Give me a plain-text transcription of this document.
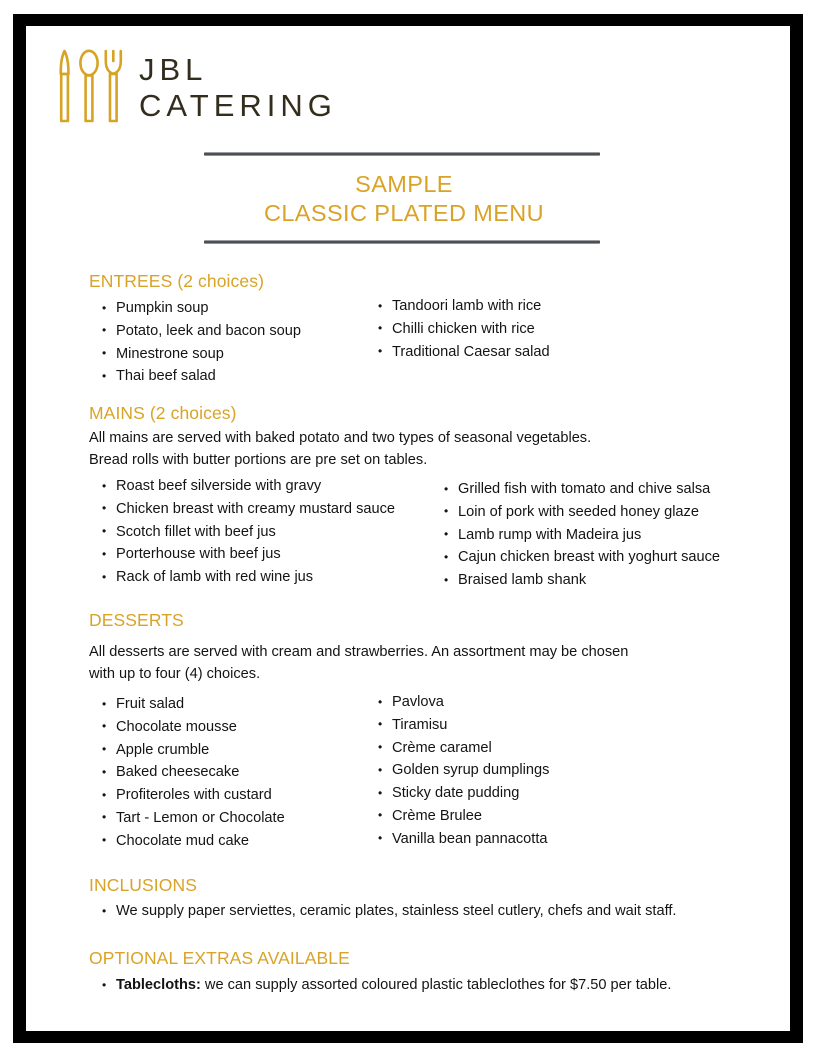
JBL
CATERING
SAMPLE
CLASSIC PLATED MENU
ENTREES (2 choices)
• Pumpkin soup
• Potato, leek and bacon soup
• Minestrone soup
• Thai beef salad
• Tandoori lamb with rice
• Chilli chicken with rice
• Traditional Caesar salad
MAINS (2 choices)
All mains are served with baked potato and two types of seasonal vegetables.
Bread rolls with butter portions are pre set on tables.
• Roast beef silverside with gravy
• Chicken breast with creamy mustard sauce
• Scotch fillet with beef jus
• Porterhouse with beef jus
• Rack of lamb with red wine jus
• Grilled fish with tomato and chive salsa
• Loin of pork with seeded honey glaze
• Lamb rump with Madeira jus
• Cajun chicken breast with yoghurt sauce
• Braised lamb shank
DESSERTS
All desserts are served with cream and strawberries. An assortment may be chosen
with up to four (4) choices.
• Fruit salad
• Chocolate mousse
• Apple crumble
• Baked cheesecake
• Profiteroles with custard
• Tart - Lemon or Chocolate
• Chocolate mud cake
• Pavlova
• Tiramisu
• Crème caramel
• Golden syrup dumplings
• Sticky date pudding
• Crème Brulee
• Vanilla bean pannacotta
INCLUSIONS
• We supply paper serviettes, ceramic plates, stainless steel cutlery, chefs and wait staff.
OPTIONAL EXTRAS AVAILABLE
• Tablecloths: we can supply assorted coloured plastic tableclothes for $7.50 per table.
